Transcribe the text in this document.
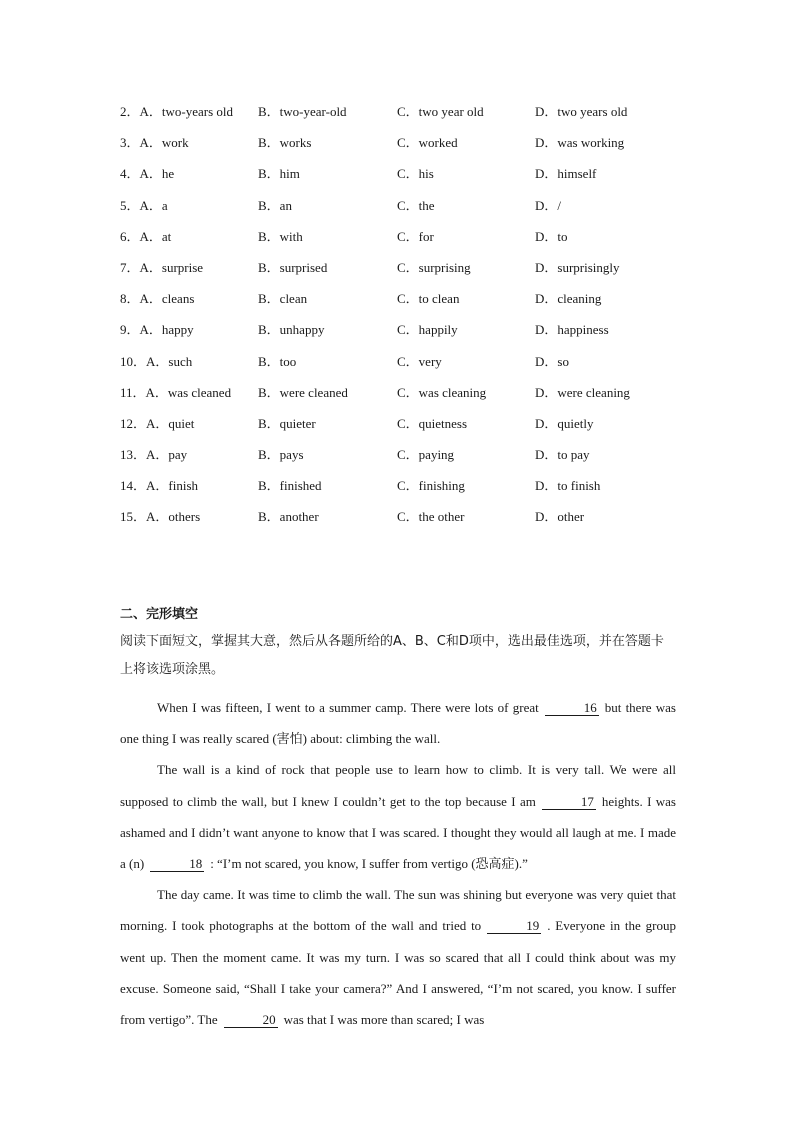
2．A．two-years old B．two-year-old	C．two year old	D．two years old
3．A．work	B．works	C．worked	D．was working
4．A．he	B．him	C．his	D．himself
5．A．a	B．an	C．the	D．/
6．A．at	B．with	C．for	D．to
7．A．surprise	B．surprised	C．surprising	D．surprisingly
8．A．cleans	B．clean	C．to clean	D．cleaning
9．A．happy	B．unhappy	C．happily	D．happiness
10．A．such	B．too	C．very	D．so
11．A．was cleaned B．were cleaned	C．was cleaning	D．were cleaning
12．A．quiet	B．quieter	C．quietness	D．quietly
13．A．pay	B．pays	C．paying	D．to pay
14．A．finish	B．finished	C．finishing	D．to finish
15．A．others	B．another	C．the other	D．other
二、完形填空

阅读下面短文，掌握其大意，然后从各题所给的A、B、C和D项中，选出最佳选项，并在答题卡上将该选项涂黑。

When I was fifteen, I went to a summer camp. There were lots of great	16 but there was one thing I was really scared (害怕) about: climbing the wall.

The wall is a kind of rock that people use to learn how to climb. It is very tall. We were all supposed to climb the wall, but I knew I couldn’t get to the top because I am	17 heights. I was ashamed and I didn’t want anyone to know that I was scared. I thought they would all laugh at me. I made a (n)	18 : “I’m not scared, you know, I suffer from vertigo (恐高症).”

The day came. It was time to climb the wall. The sun was shining but everyone was very quiet that morning. I took photographs at the bottom of the wall and tried to	19 . Everyone in the group went up. Then the moment came. It was my turn. I was so scared that all I could think about was my excuse. Someone said, “Shall I take your camera?” And I answered, “I’m not scared, you know. I suffer from vertigo”. The	20 was that I was more than scared; I was
